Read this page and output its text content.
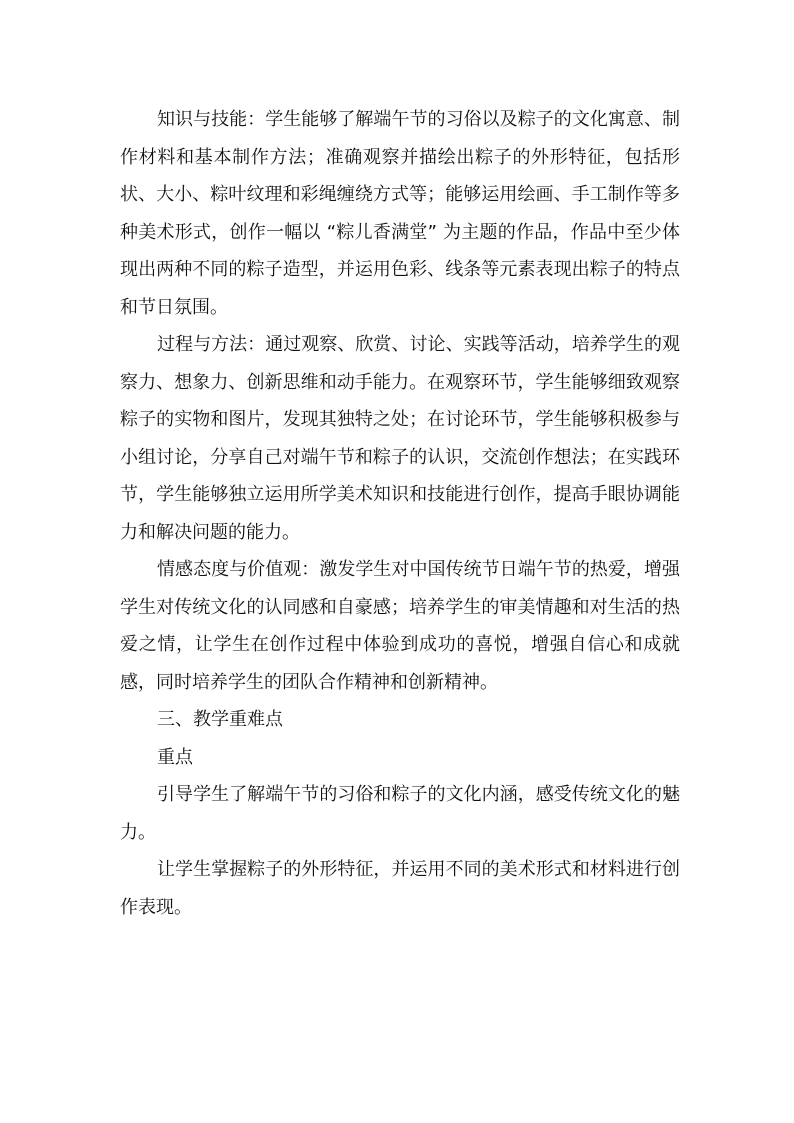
知识与技能：学生能够了解端午节的习俗以及粽子的文化寓意、制作材料和基本制作方法；准确观察并描绘出粽子的外形特征，包括形状、大小、粽叶纹理和彩绳缠绕方式等；能够运用绘画、手工制作等多种美术形式，创作一幅以 “粽儿香满堂” 为主题的作品，作品中至少体现出两种不同的粽子造型，并运用色彩、线条等元素表现出粽子的特点和节日氛围。

过程与方法：通过观察、欣赏、讨论、实践等活动，培养学生的观察力、想象力、创新思维和动手能力。在观察环节，学生能够细致观察粽子的实物和图片，发现其独特之处；在讨论环节，学生能够积极参与小组讨论，分享自己对端午节和粽子的认识，交流创作想法；在实践环节，学生能够独立运用所学美术知识和技能进行创作，提高手眼协调能力和解决问题的能力。

情感态度与价值观：激发学生对中国传统节日端午节的热爱，增强学生对传统文化的认同感和自豪感；培养学生的审美情趣和对生活的热爱之情，让学生在创作过程中体验到成功的喜悦，增强自信心和成就感，同时培养学生的团队合作精神和创新精神。

三、教学重难点

重点

引导学生了解端午节的习俗和粽子的文化内涵，感受传统文化的魅力。

让学生掌握粽子的外形特征，并运用不同的美术形式和材料进行创作表现。
